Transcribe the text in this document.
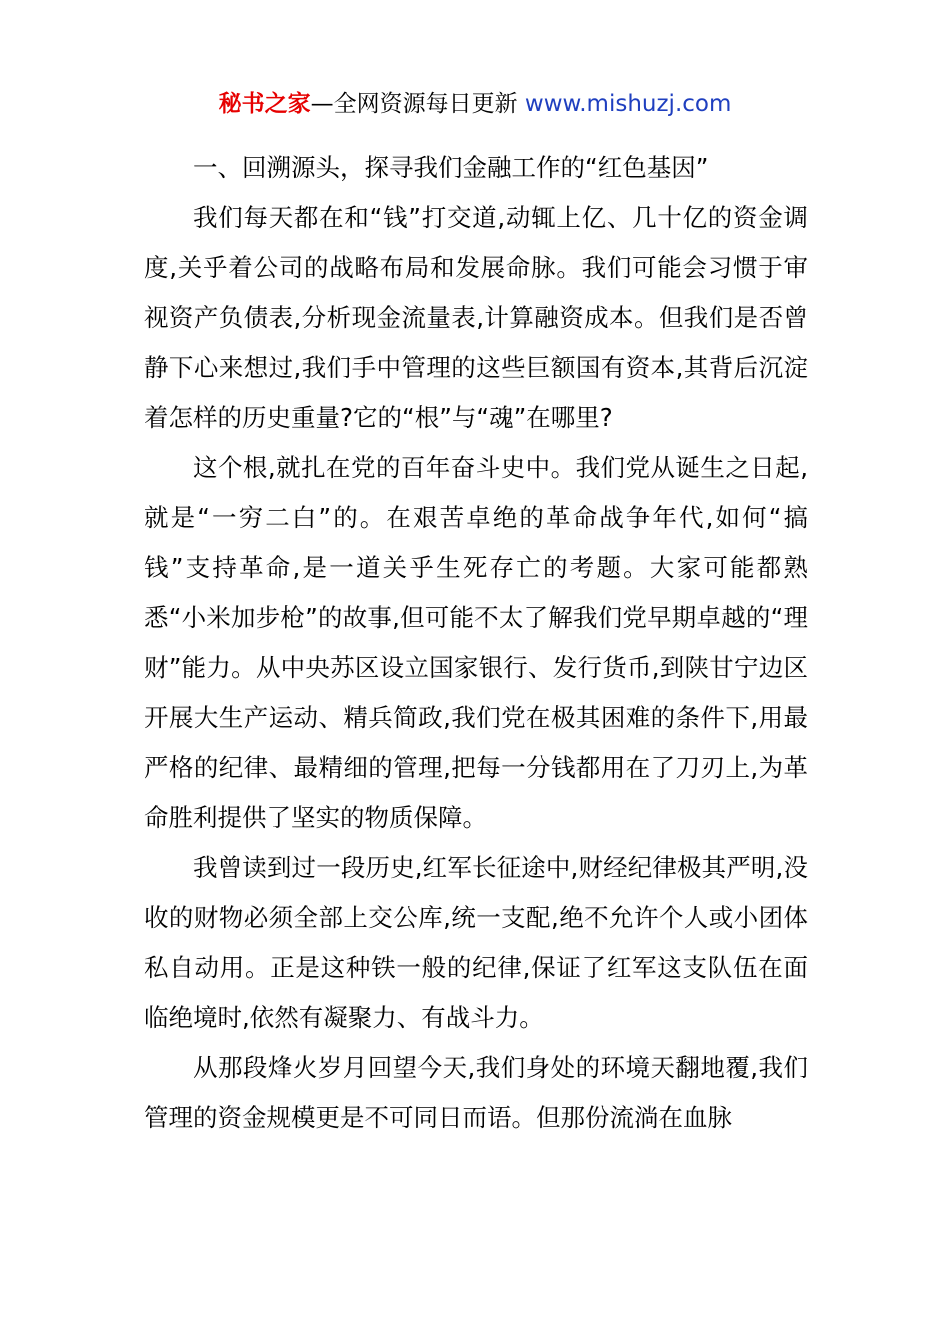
秘书之家—全网资源每日更新 www.mishuzj.com

一、回溯源头，探寻我们金融工作的“红色基因”

我们每天都在和“钱”打交道,动辄上亿、几十亿的资金调度,关乎着公司的战略布局和发展命脉。我们可能会习惯于审视资产负债表,分析现金流量表,计算融资成本。但我们是否曾静下心来想过,我们手中管理的这些巨额国有资本,其背后沉淀着怎样的历史重量?它的“根”与“魂”在哪里?

这个根,就扎在党的百年奋斗史中。我们党从诞生之日起,就是“一穷二白”的。在艰苦卓绝的革命战争年代,如何“搞钱”支持革命,是一道关乎生死存亡的考题。大家可能都熟悉“小米加步枪”的故事,但可能不太了解我们党早期卓越的“理财”能力。从中央苏区设立国家银行、发行货币,到陕甘宁边区开展大生产运动、精兵简政,我们党在极其困难的条件下,用最严格的纪律、最精细的管理,把每一分钱都用在了刀刃上,为革命胜利提供了坚实的物质保障。

我曾读到过一段历史,红军长征途中,财经纪律极其严明,没收的财物必须全部上交公库,统一支配,绝不允许个人或小团体私自动用。正是这种铁一般的纪律,保证了红军这支队伍在面临绝境时,依然有凝聚力、有战斗力。

从那段烽火岁月回望今天,我们身处的环境天翻地覆,我们管理的资金规模更是不可同日而语。但那份流淌在血脉
